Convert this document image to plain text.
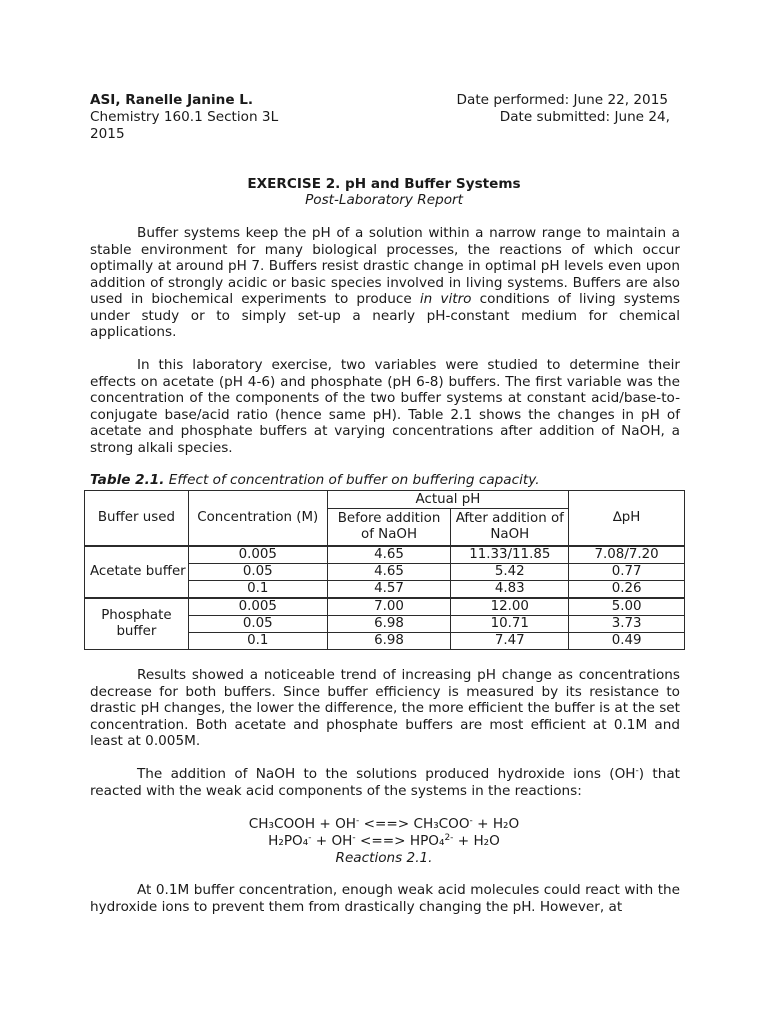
ASI, Ranelle Janine L.
Chemistry 160.1 Section 3L
2015
Date performed: June 22, 2015
Date submitted: June 24,
EXERCISE 2. pH and Buffer Systems
Post-Laboratory Report
Buffer systems keep the pH of a solution within a narrow range to maintain a stable environment for many biological processes, the reactions of which occur optimally at around pH 7. Buffers resist drastic change in optimal pH levels even upon addition of strongly acidic or basic species involved in living systems. Buffers are also used in biochemical experiments to produce in vitro conditions of living systems under study or to simply set-up a nearly pH-constant medium for chemical applications.
In this laboratory exercise, two variables were studied to determine their effects on acetate (pH 4-6) and phosphate (pH 6-8) buffers. The first variable was the concentration of the components of the two buffer systems at constant acid/base-to-conjugate base/acid ratio (hence same pH). Table 2.1 shows the changes in pH of acetate and phosphate buffers at varying concentrations after addition of NaOH, a strong alkali species.
Table 2.1. Effect of concentration of buffer on buffering capacity.
Buffer used	Concentration (M)	Actual pH		∆pH
		Before addition of NaOH	After addition of NaOH	
Acetate buffer	0.005	4.65	11.33/11.85	7.08/7.20
	0.05	4.65	5.42	0.77
	0.1	4.57	4.83	0.26
Phosphate buffer	0.005	7.00	12.00	5.00
	0.05	6.98	10.71	3.73
	0.1	6.98	7.47	0.49
Results showed a noticeable trend of increasing pH change as concentrations decrease for both buffers. Since buffer efficiency is measured by its resistance to drastic pH changes, the lower the difference, the more efficient the buffer is at the set concentration. Both acetate and phosphate buffers are most efficient at 0.1M and least at 0.005M.
The addition of NaOH to the solutions produced hydroxide ions (OH-) that reacted with the weak acid components of the systems in the reactions:
CH₃COOH + OH- <==> CH₃COO- + H₂O
H₂PO₄- + OH- <==> HPO₄$^{2-}$ + H₂O
Reactions 2.1.
At 0.1M buffer concentration, enough weak acid molecules could react with the hydroxide ions to prevent them from drastically changing the pH. However, at
